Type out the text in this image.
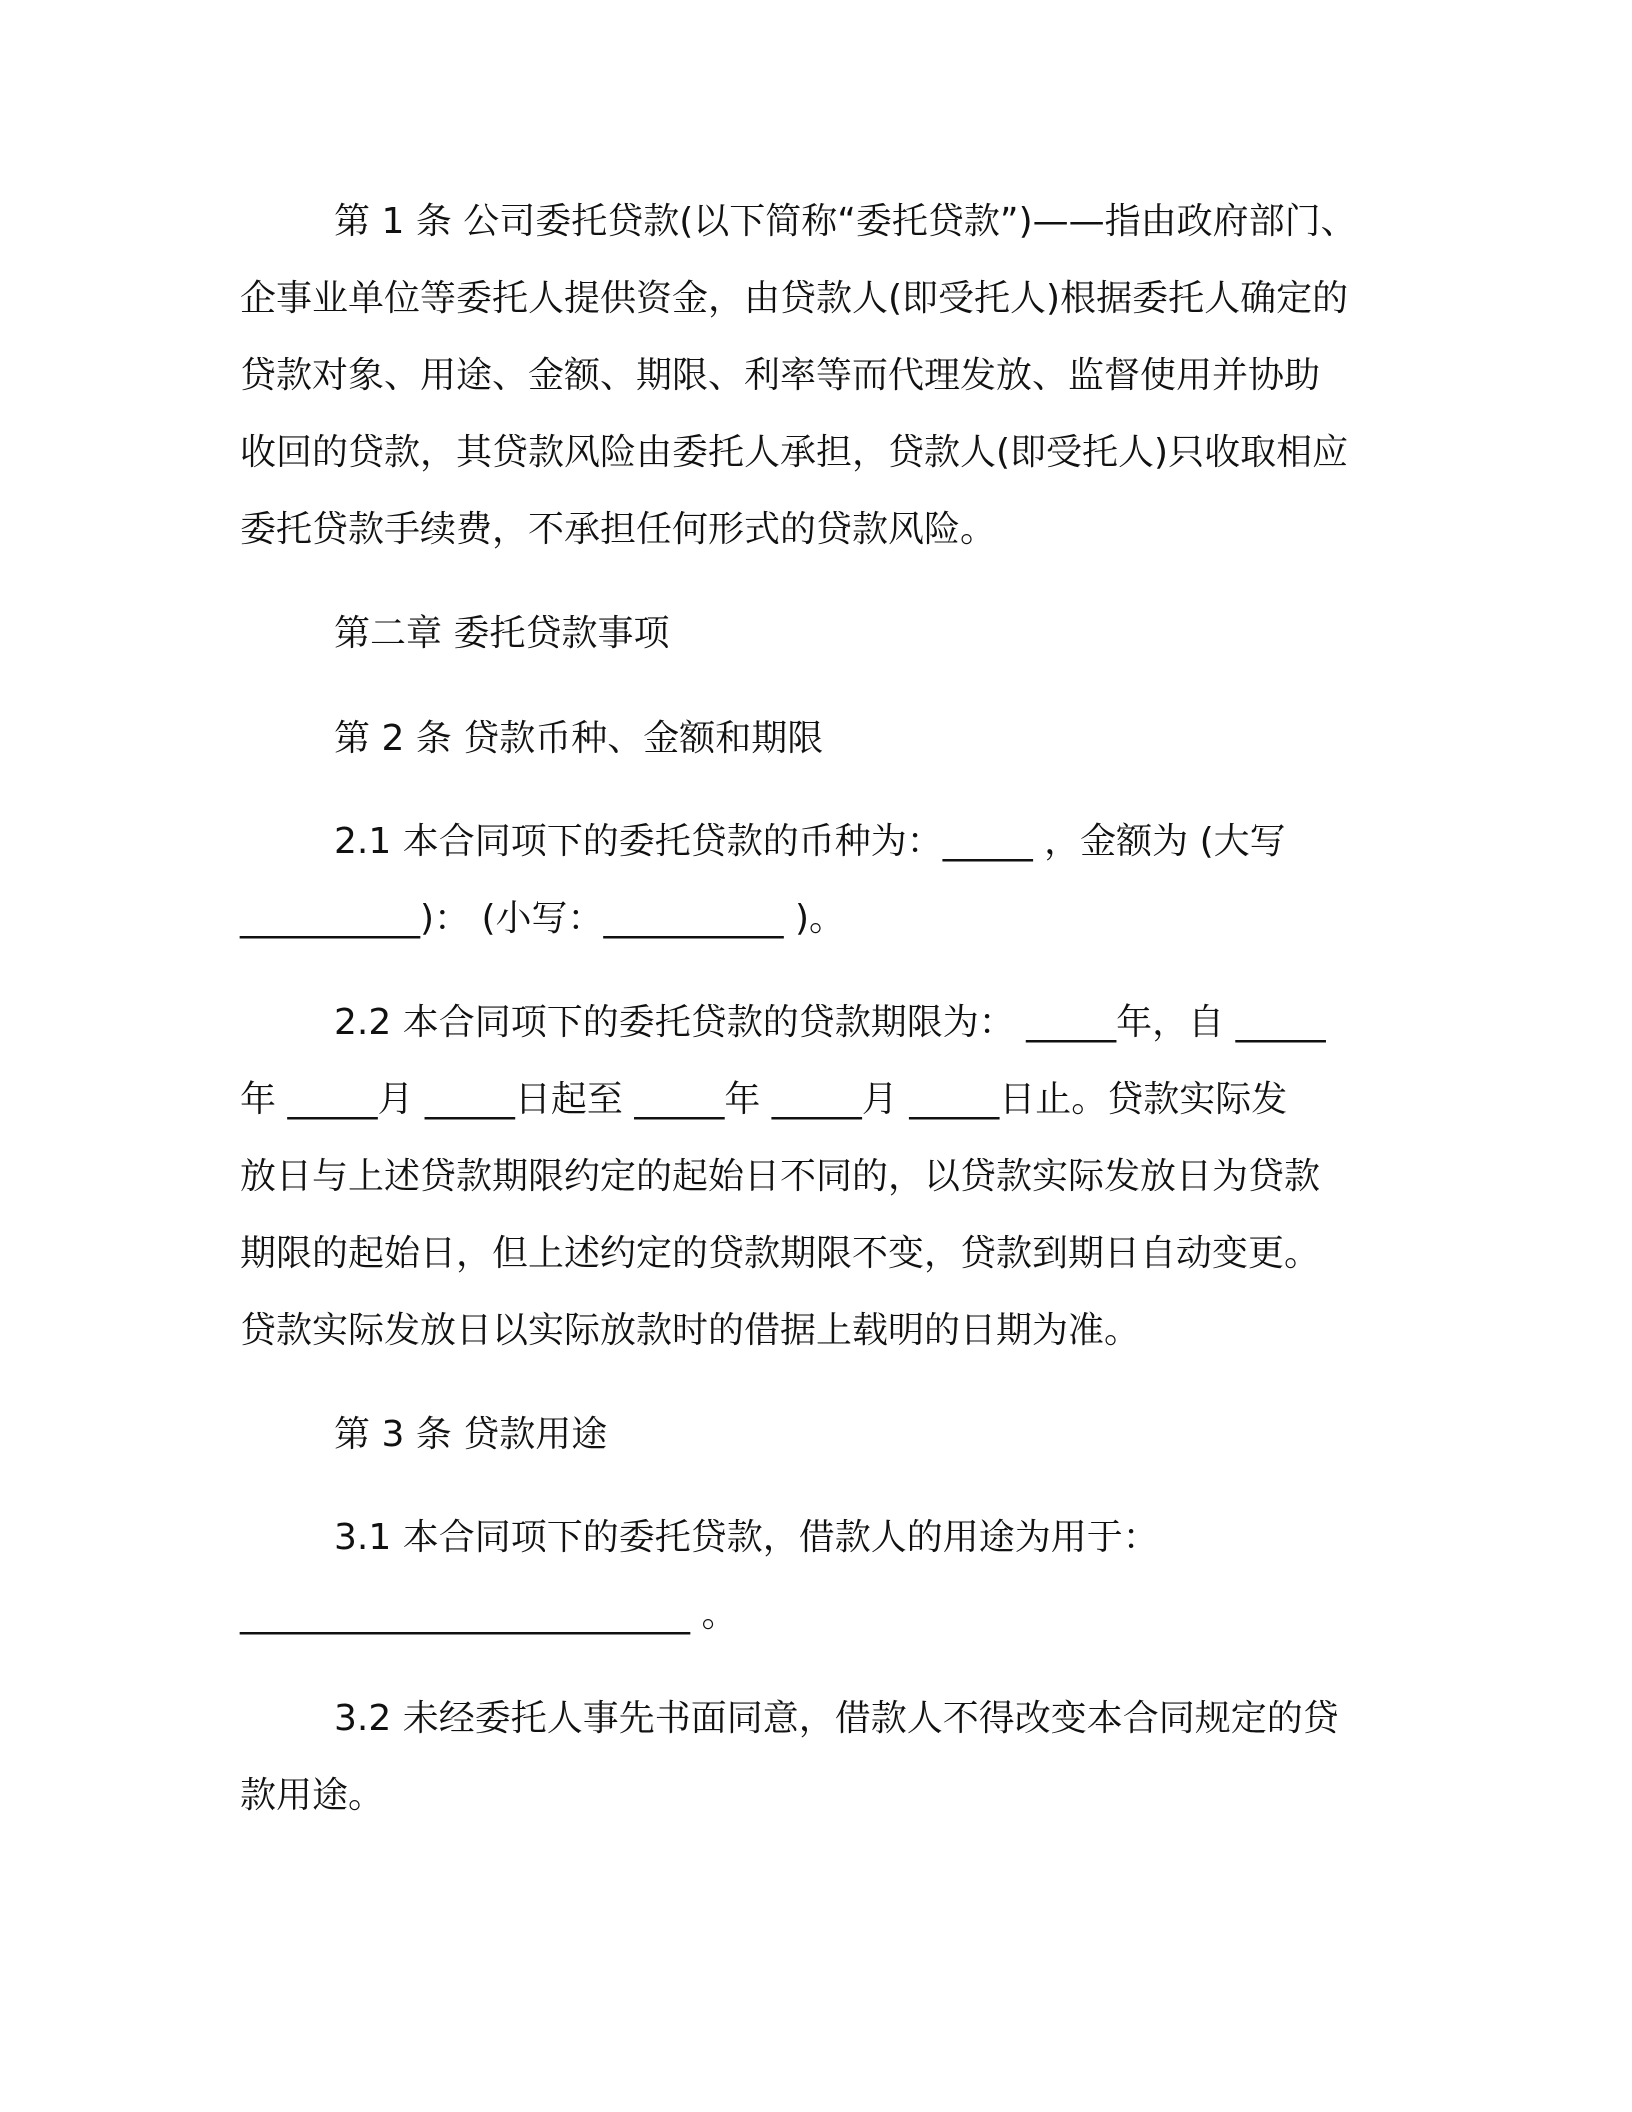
第 1 条 公司委托贷款(以下简称“委托贷款”)——指由政府部门、
企事业单位等委托人提供资金，由贷款人(即受托人)根据委托人确定的
贷款对象、用途、金额、期限、利率等而代理发放、监督使用并协助
收回的贷款，其贷款风险由委托人承担，贷款人(即受托人)只收取相应
委托贷款手续费，不承担任何形式的贷款风险。
第二章 委托贷款事项
第 2 条 贷款币种、金额和期限
2.1 本合同项下的委托贷款的币种为：_____ ，金额为 (大写
__________)： (小写：__________ )。
2.2 本合同项下的委托贷款的贷款期限为： _____年，自 _____
年 _____月 _____日起至 _____年 _____月 _____日止。贷款实际发
放日与上述贷款期限约定的起始日不同的，以贷款实际发放日为贷款
期限的起始日，但上述约定的贷款期限不变，贷款到期日自动变更。
贷款实际发放日以实际放款时的借据上载明的日期为准。
第 3 条 贷款用途
3.1 本合同项下的委托贷款，借款人的用途为用于：
_________________________ 。
3.2 未经委托人事先书面同意，借款人不得改变本合同规定的贷
款用途。
